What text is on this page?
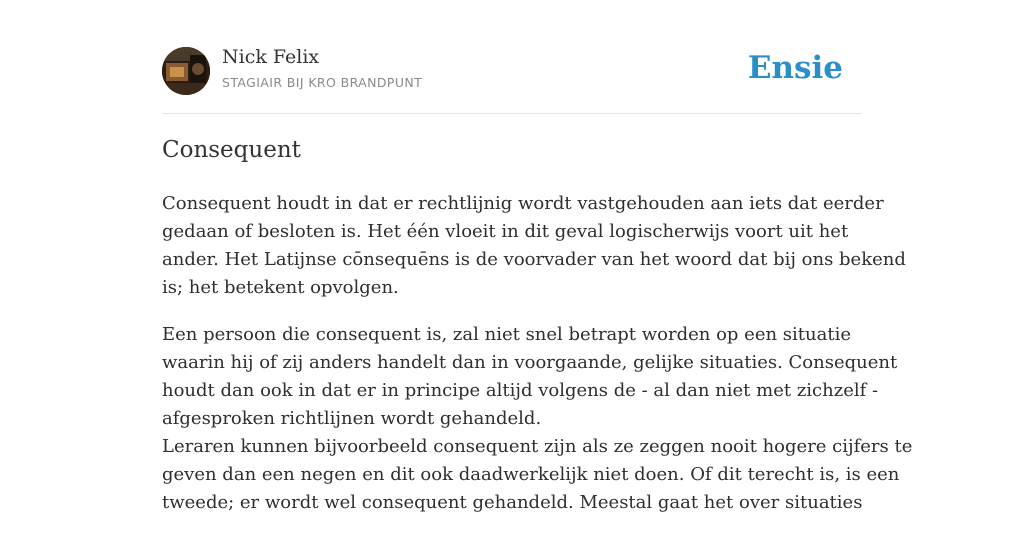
Nick Felix
STAGIAIR BIJ KRO BRANDPUNT	Ensie
Consequent

Consequent houdt in dat er rechtlijnig wordt vastgehouden aan iets dat eerder
gedaan of besloten is. Het één vloeit in dit geval logischerwijs voort uit het
ander. Het Latijnse cōnsequēns is de voorvader van het woord dat bij ons bekend
is; het betekent opvolgen.

Een persoon die consequent is, zal niet snel betrapt worden op een situatie
waarin hij of zij anders handelt dan in voorgaande, gelijke situaties. Consequent
houdt dan ook in dat er in principe altijd volgens de - al dan niet met zichzelf -
afgesproken richtlijnen wordt gehandeld.
Leraren kunnen bijvoorbeeld consequent zijn als ze zeggen nooit hogere cijfers te
geven dan een negen en dit ook daadwerkelijk niet doen. Of dit terecht is, is een
tweede; er wordt wel consequent gehandeld. Meestal gaat het over situaties
